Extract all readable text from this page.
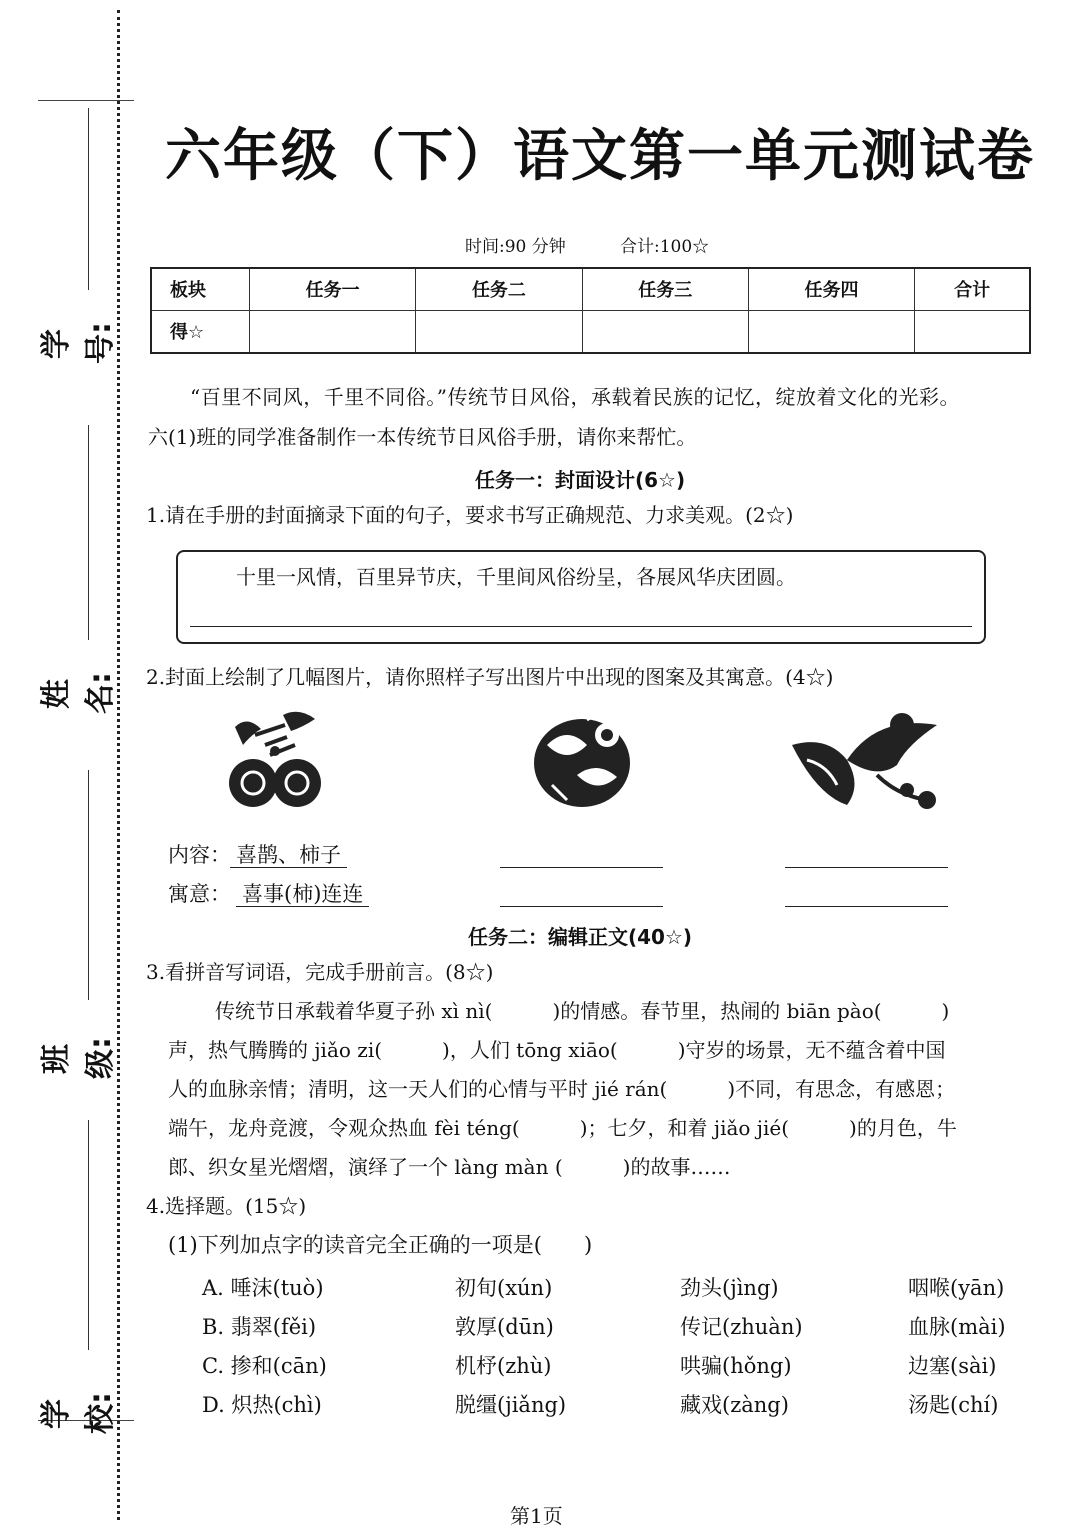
学号:
姓名:
班级:
学校:
六年级（下）语文第一单元测试卷
时间:90 分钟	合计:100☆
板块	任务一	任务二	任务三	任务四	合计
得☆					
“百里不同风，千里不同俗。”传统节日风俗，承载着民族的记忆，绽放着文化的光彩。
六(1)班的同学准备制作一本传统节日风俗手册，请你来帮忙。
任务一：封面设计(6☆)
1.请在手册的封面摘录下面的句子，要求书写正确规范、力求美观。(2☆)
十里一风情，百里异节庆，千里间风俗纷呈，各展风华庆团圆。
2.封面上绘制了几幅图片，请你照样子写出图片中出现的图案及其寓意。(4☆)
内容： 喜鹊、柿子
寓意： 喜事(柿)连连
任务二：编辑正文(40☆)
3.看拼音写词语，完成手册前言。(8☆)
传统节日承载着华夏子孙 xì nì(　　　)的情感。春节里，热闹的 biān pào(　　　)
声，热气腾腾的 jiǎo zi(　　　)，人们 tōng xiāo(　　　)守岁的场景，无不蕴含着中国
人的血脉亲情；清明，这一天人们的心情与平时 jié rán(　　　)不同，有思念，有感恩；
端午，龙舟竞渡，令观众热血 fèi téng(　　　)；七夕，和着 jiǎo jié(　　　)的月色，牛
郎、织女星光熠熠，演绎了一个 làng màn (　　　)的故事……
4.选择题。(15☆)
(1)下列加点字的读音完全正确的一项是(　　)
A. 唾沫(tuò)	初旬(xún)	劲头(jìng)	咽喉(yān)
B. 翡翠(fěi)	敦厚(dūn)	传记(zhuàn)	血脉(mài)
C. 掺和(cān)	机杼(zhù)	哄骗(hǒng)	边塞(sài)
D. 炽热(chì)	脱缰(jiǎng)	藏戏(zàng)	汤匙(chí)
第1页
